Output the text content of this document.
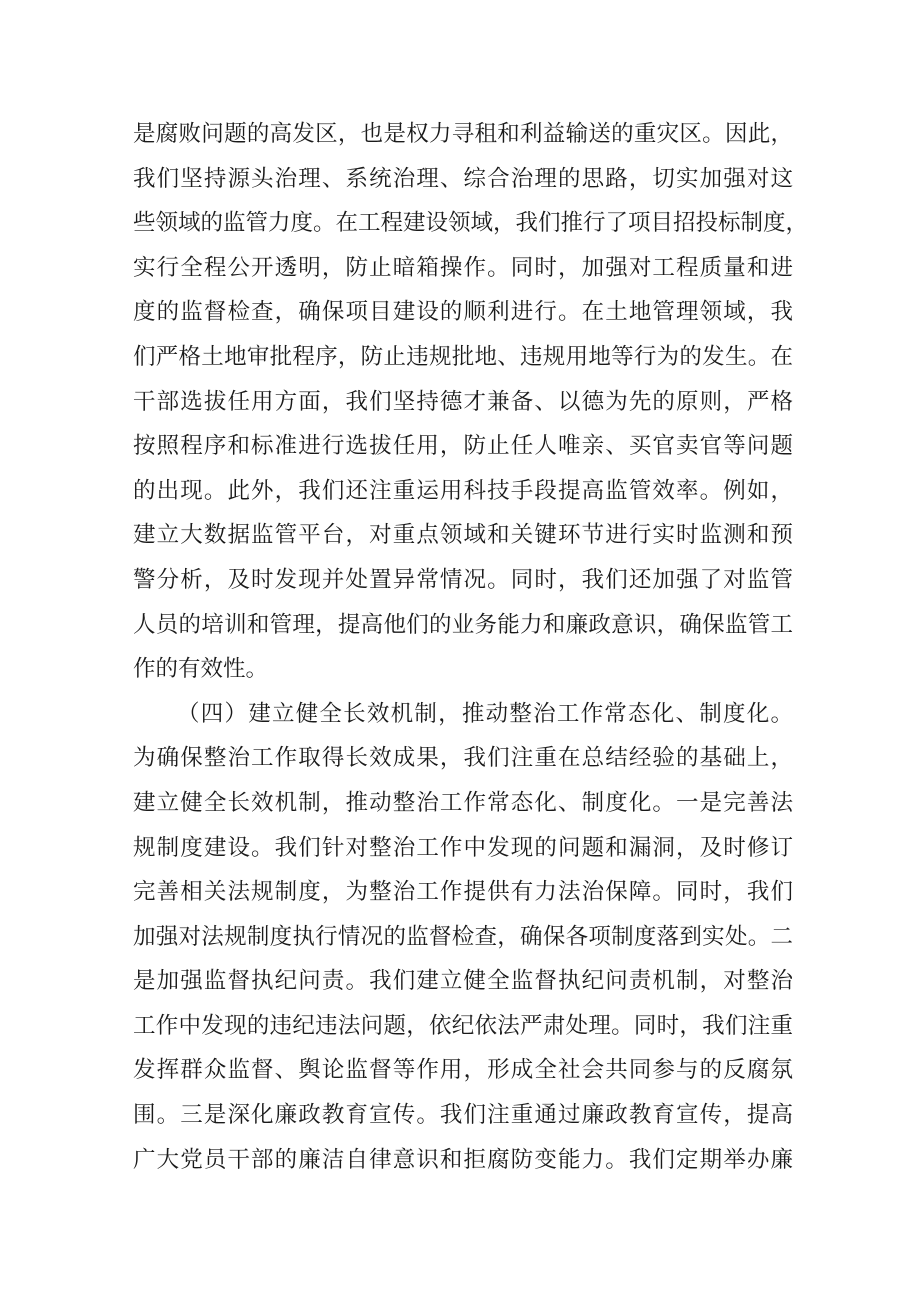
是腐败问题的高发区，也是权力寻租和利益输送的重灾区。因此，
我们坚持源头治理、系统治理、综合治理的思路，切实加强对这
些领域的监管力度。在工程建设领域，我们推行了项目招投标制度，
实行全程公开透明，防止暗箱操作。同时，加强对工程质量和进
度的监督检查，确保项目建设的顺利进行。在土地管理领域，我
们严格土地审批程序，防止违规批地、违规用地等行为的发生。在
干部选拔任用方面，我们坚持德才兼备、以德为先的原则，严格
按照程序和标准进行选拔任用，防止任人唯亲、买官卖官等问题
的出现。此外，我们还注重运用科技手段提高监管效率。例如，
建立大数据监管平台，对重点领域和关键环节进行实时监测和预
警分析，及时发现并处置异常情况。同时，我们还加强了对监管
人员的培训和管理，提高他们的业务能力和廉政意识，确保监管工
作的有效性。
（四）建立健全长效机制，推动整治工作常态化、制度化。
为确保整治工作取得长效成果，我们注重在总结经验的基础上，
建立健全长效机制，推动整治工作常态化、制度化。一是完善法
规制度建设。我们针对整治工作中发现的问题和漏洞，及时修订
完善相关法规制度，为整治工作提供有力法治保障。同时，我们
加强对法规制度执行情况的监督检查，确保各项制度落到实处。二
是加强监督执纪问责。我们建立健全监督执纪问责机制，对整治
工作中发现的违纪违法问题，依纪依法严肃处理。同时，我们注重
发挥群众监督、舆论监督等作用，形成全社会共同参与的反腐氛
围。三是深化廉政教育宣传。我们注重通过廉政教育宣传，提高
广大党员干部的廉洁自律意识和拒腐防变能力。我们定期举办廉
